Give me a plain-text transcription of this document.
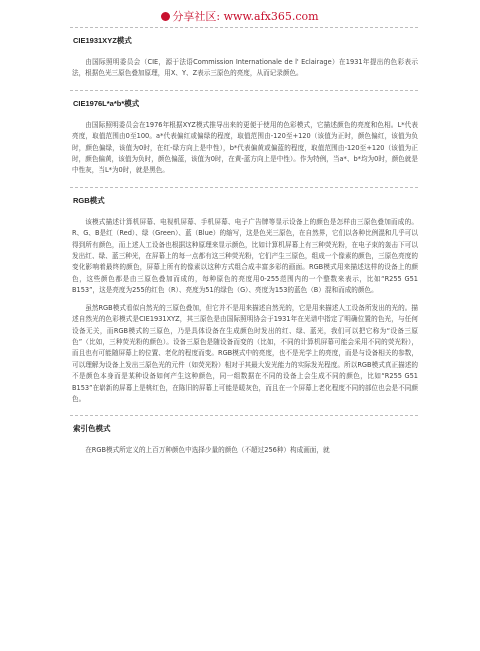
分享社区: www.afx365.com
CIE1931XYZ模式

由国际照明委员会（CIE，源于法语Commission Internationale de l' Eclairage）在1931年提出的色彩表示法，根据色光三原色叠加原理，用X、Y、Z表示三原色的亮度，从而记录颜色。

CIE1976L*a*b*模式

由国际照明委员会在1976年根据XYZ模式推导出来的更便于使用的色彩模式，它描述颜色的亮度和色相。L*代表亮度，取值范围由0至100。a*代表偏红或偏绿的程度，取值范围由-120至+120（该值为正时，颜色偏红，该值为负时，颜色偏绿，该值为0时，在红-绿方向上是中性），b*代表偏黄或偏蓝的程度，取值范围由-120至+120（该值为正时，颜色偏黄，该值为负时，颜色偏蓝，该值为0时，在黄-蓝方向上是中性）。作为特例，当a*、b*均为0时，颜色就是中性灰，当L*为0时，就是黑色。

RGB模式

该模式描述计算机屏幕、电视机屏幕、手机屏幕、电子广告牌等显示设备上的颜色是怎样由三原色叠加而成的。R、G、B是红（Red）、绿（Green）、蓝（Blue）的缩写，这是色光三原色，在自然界，它们以各种比例混和几乎可以得到所有颜色，而上述人工设备也根据这种原理来显示颜色，比如计算机屏幕上有三种荧光粉，在电子束的轰击下可以发出红、绿、蓝三种光，在屏幕上的每一点都有这三种荧光粉，它们产生三原色，组成一个像素的颜色，三原色亮度的变化影响着最终的颜色，屏幕上所有的像素以这种方式组合成丰富多彩的画面。RGB模式用来描述这样的设备上的颜色，这些颜色都是由三原色叠加而成的，每种原色的亮度用0-255范围内的一个整数来表示，比如“R255 G51 B153”，这是亮度为255的红色（R）、亮度为51的绿色（G）、亮度为153的蓝色（B）混和而成的颜色。

虽然RGB模式看似自然光的三原色叠加，但它并不是用来描述自然光的，它是用来描述人工设备所发出的光的。描述自然光的色彩模式是CIE1931XYZ，其三原色是由国际照明协会于1931年在光谱中指定了明确位置的色光，与任何设备无关，而RGB模式的三原色，乃是具体设备在生成颜色时发出的红、绿、蓝光，我们可以把它称为“设备三原色”（比如，三种荧光粉的颜色）。设备三原色是随设备而变的（比如，不同的计算机屏幕可能会采用不同的荧光粉），而且也有可能随屏幕上的位置、老化的程度而变。RGB模式中的亮度，也不是光学上的亮度，而是与设备相关的参数，可以理解为设备上发出三原色光的元件（如荧光粉）相对于其最大发光能力的实际发光程度。所以RGB模式真正描述的不是颜色本身而是某种设备如何产生这种颜色，同一组数据在不同的设备上会生成不同的颜色，比如“R255 G51 B153”在崭新的屏幕上是桃红色，在陈旧的屏幕上可能是暖灰色，而且在一个屏幕上老化程度不同的部位也会是不同颜色。

索引色模式

在RGB模式所定义的上百万种颜色中选择少量的颜色（不超过256种）构成画面，就
